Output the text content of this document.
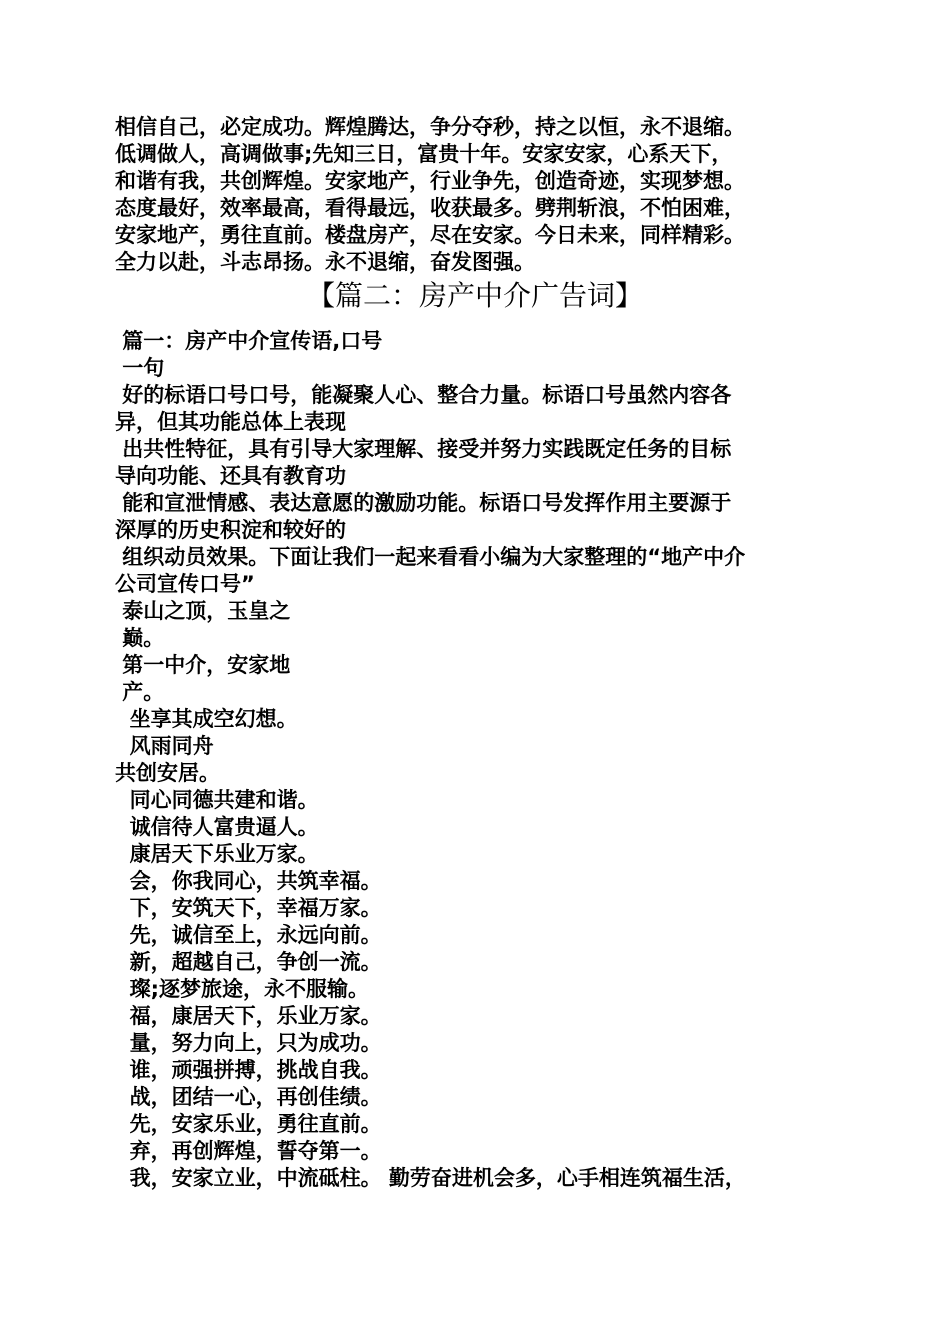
相信自己，必定成功。辉煌腾达，争分夺秒，持之以恒，永不退缩。
低调做人，高调做事;先知三日，富贵十年。安家安家，心系天下，
和谐有我，共创辉煌。安家地产，行业争先，创造奇迹，实现梦想。
态度最好，效率最高，看得最远，收获最多。劈荆斩浪，不怕困难，
安家地产，勇往直前。楼盘房产，尽在安家。今日未来，同样精彩。
全力以赴，斗志昂扬。永不退缩，奋发图强。
【篇二：房产中介广告词】
篇一：房产中介宣传语,口号
一句
好的标语口号口号，能凝聚人心、整合力量。标语口号虽然内容各
异，但其功能总体上表现
出共性特征，具有引导大家理解、接受并努力实践既定任务的目标
导向功能、还具有教育功
能和宣泄情感、表达意愿的激励功能。标语口号发挥作用主要源于
深厚的历史积淀和较好的
组织动员效果。下面让我们一起来看看小编为大家整理的“地产中介
公司宣传口号”
泰山之顶，玉皇之
巅。
第一中介，安家地
产。
坐享其成空幻想。
风雨同舟
共创安居。
同心同德共建和谐。
诚信待人富贵逼人。
康居天下乐业万家。
会，你我同心，共筑幸福。
下，安筑天下，幸福万家。
先，诚信至上，永远向前。
新，超越自己，争创一流。
璨;逐梦旅途，永不服输。
福，康居天下，乐业万家。
量，努力向上，只为成功。
谁，顽强拼搏，挑战自我。
战，团结一心，再创佳绩。
先，安家乐业，勇往直前。
弃，再创辉煌，誓夺第一。
我，安家立业，中流砥柱。 勤劳奋进机会多，心手相连筑福生活，
